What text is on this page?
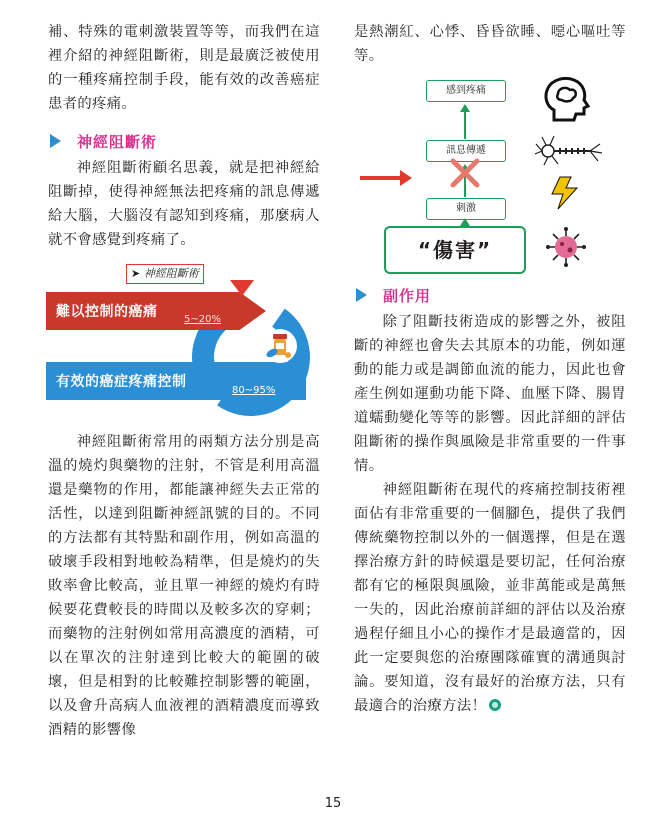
補、特殊的電刺激裝置等等，而我們在這裡介紹的神經阻斷術，則是最廣泛被使用的一種疼痛控制手段，能有效的改善癌症患者的疼痛。

神經阻斷術

神經阻斷術顧名思義，就是把神經給阻斷掉，使得神經無法把疼痛的訊息傳遞給大腦，大腦沒有認知到疼痛，那麼病人就不會感覺到疼痛了。

➤ 神經阻斷術
難以控制的癌痛	5~20%
有效的癌症疼痛控制
80~95%

神經阻斷術常用的兩類方法分別是高溫的燒灼與藥物的注射，不管是利用高溫還是藥物的作用，都能讓神經失去正常的活性，以達到阻斷神經訊號的目的。不同的方法都有其特點和副作用，例如高溫的破壞手段相對地較為精準，但是燒灼的失敗率會比較高，並且單一神經的燒灼有時候要花費較長的時間以及較多次的穿刺；而藥物的注射例如常用高濃度的酒精，可以在單次的注射達到比較大的範圍的破壞，但是相對的比較難控制影響的範圍，以及會升高病人血液裡的酒精濃度而導致酒精的影響像

是熱潮紅、心悸、昏昏欲睡、噁心嘔吐等等。

感到疼痛
訊息傳遞
刺激
“傷害”
副作用

除了阻斷技術造成的影響之外，被阻斷的神經也會失去其原本的功能，例如運動的能力或是調節血流的能力，因此也會產生例如運動功能下降、血壓下降、腸胃道蠕動變化等等的影響。因此詳細的評估阻斷術的操作與風險是非常重要的一件事情。

神經阻斷術在現代的疼痛控制技術裡面佔有非常重要的一個腳色，提供了我們傳統藥物控制以外的一個選擇，但是在選擇治療方針的時候還是要切記，任何治療都有它的極限與風險，並非萬能或是萬無一失的，因此治療前詳細的評估以及治療過程仔細且小心的操作才是最適當的，因此一定要與您的治療團隊確實的溝通與討論。要知道，沒有最好的治療方法，只有最適合的治療方法！

15
